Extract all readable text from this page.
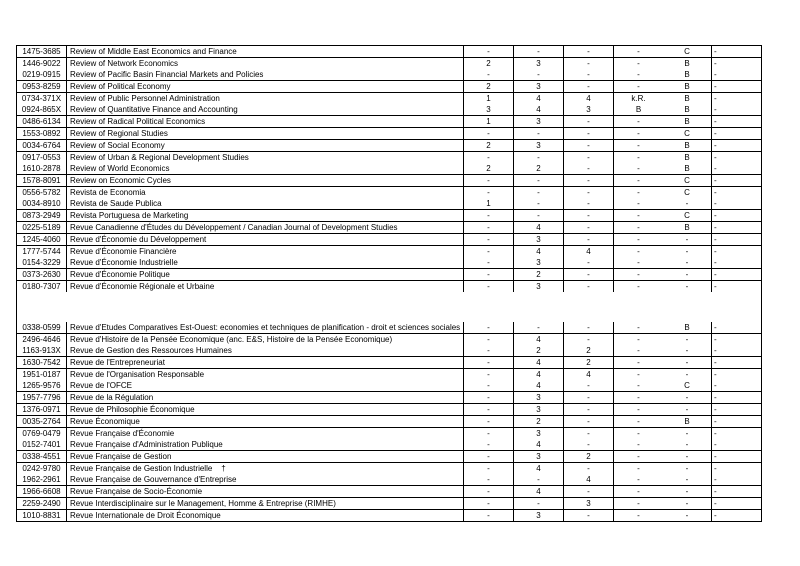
1475-3685	Review of Middle East Economics and Finance	-	-	-	-	C	-
1446-9022	Review of Network Economics	2	3	-	-	B	-
0219-0915	Review of Pacific Basin Financial Markets and Policies	-	-	-	-	B	-
0953-8259	Review of Political Economy	2	3	-	-	B	-
0734-371X	Review of Public Personnel Administration	1	4	4	k.R.	B	-
0924-865X	Review of Quantitative Finance and Accounting	3	4	3	B	B	-
0486-6134	Review of Radical Political Economics	1	3	-	-	B	-
1553-0892	Review of Regional Studies	-	-	-	-	C	-
0034-6764	Review of Social Economy	2	3	-	-	B	-
0917-0553	Review of Urban & Regional Development Studies	-	-	-	-	B	-
1610-2878	Review of World Economics	2	2	-	-	B	-
1578-8091	Review on Economic Cycles	-	-	-	-	C	-
0556-5782	Revista de Economia	-	-	-	-	C	-
0034-8910	Revista de Saude Publica	1	-	-	-	-	-
0873-2949	Revista Portuguesa de Marketing	-	-	-	-	C	-
0225-5189	Revue Canadienne d'Études du Développement / Canadian Journal of Development Studies	-	4	-	-	B	-
1245-4060	Revue d'Économie du Développement	-	3	-	-	-	-
1777-5744	Revue d'Économie Financière	-	4	4	-	-	-
0154-3229	Revue d'Économie Industrielle	-	3	-	-	-	-
0373-2630	Revue d'Économie Politique	-	2	-	-	-	-
0180-7307	Revue d'Économie Régionale et Urbaine	-	3	-	-	-	-
0338-0599	Revue d'Etudes Comparatives Est-Ouest: economies et techniques de planification - droit et sciences sociales	-	-	-	-	B	-
2496-4646	Revue d'Histoire de la Pensée Economique (anc. E&S, Histoire de la Pensée Economique)	-	4	-	-	-	-
1163-913X	Revue de Gestion des Ressources Humaines	-	2	2	-	-	-
1630-7542	Revue de l'Entrepreneuriat	-	4	2	-	-	-
1951-0187	Revue de l'Organisation Responsable	-	4	4	-	-	-
1265-9576	Revue de l'OFCE	-	4	-	-	C	-
1957-7796	Revue de la Régulation	-	3	-	-	-	-
1376-0971	Revue de Philosophie Économique	-	3	-	-	-	-
0035-2764	Revue Économique	-	2	-	-	B	-
0769-0479	Revue Française d'Économie	-	3	-	-	-	-
0152-7401	Revue Française d'Administration Publique	-	4	-	-	-	-
0338-4551	Revue Française de Gestion	-	3	2	-	-	-
0242-9780	Revue Française de Gestion Industrielle    †	-	4	-	-	-	-
1962-2961	Revue Française de Gouvernance d'Entreprise	-	-	4	-	-	-
1966-6608	Revue Française de Socio-Économie	-	4	-	-	-	-
2259-2490	Revue Interdisciplinaire sur le Management, Homme & Entreprise (RIMHE)	-	-	3	-	-	-
1010-8831	Revue Internationale de Droit Économique	-	3	-	-	-	-
